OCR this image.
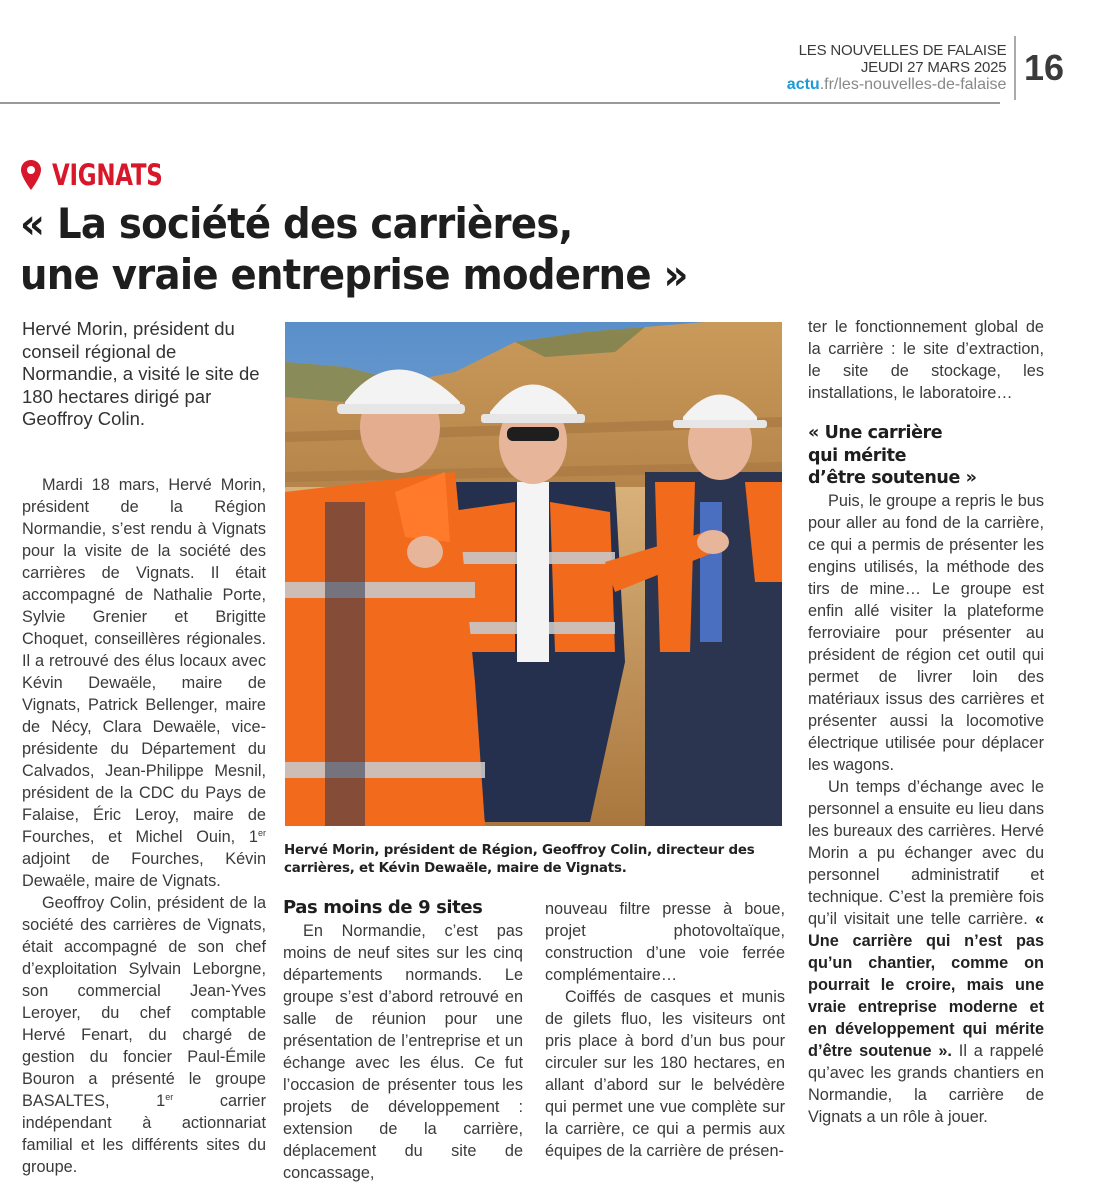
LES NOUVELLES DE FALAISE
JEUDI 27 MARS 2025
actu.fr/les-nouvelles-de-falaise 16
VIGNATS
« La société des carrières,
une vraie entreprise moderne »
Hervé Morin, président du conseil régional de Normandie, a visité le site de 180 hectares dirigé par Geoffroy Colin.

Mardi 18 mars, Hervé Morin, président de la Région Normandie, s’est rendu à Vignats pour la visite de la société des carrières de Vignats. Il était accompagné de Nathalie Porte, Sylvie Grenier et Brigitte Choquet, conseillères régionales. Il a retrouvé des élus locaux avec Kévin Dewaële, maire de Vignats, Patrick Bellenger, maire de Nécy, Clara Dewaële, vice-présidente du Département du Calvados, Jean-Philippe Mesnil, président de la CDC du Pays de Falaise, Éric Leroy, maire de Fourches, et Michel Ouin, 1er adjoint de Fourches, Kévin Dewaële, maire de Vignats.

Geoffroy Colin, président de la société des carrières de Vignats, était accompagné de son chef d’exploitation Sylvain Leborgne, son commercial Jean-Yves Leroyer, du chef comptable Hervé Fenart, du chargé de gestion du foncier Paul-Émile Bouron a présenté le groupe BASALTES, 1er carrier indépendant à actionnariat familial et les différents sites du groupe.

Hervé Morin, président de Région, Geoffroy Colin, directeur des carrières, et Kévin Dewaële, maire de Vignats.
Pas moins de 9 sites

En Normandie, c’est pas moins de neuf sites sur les cinq départements normands. Le groupe s’est d’abord retrouvé en salle de réunion pour une présentation de l’entreprise et un échange avec les élus. Ce fut l’occasion de présenter tous les projets de développement : extension de la carrière, déplacement du site de concassage,

nouveau filtre presse à boue, projet photovoltaïque, construction d’une voie ferrée complémentaire…

Coiffés de casques et munis de gilets fluo, les visiteurs ont pris place à bord d’un bus pour circuler sur les 180 hectares, en allant d’abord sur le belvédère qui permet une vue complète sur la carrière, ce qui a permis aux équipes de la carrière de présen-

ter le fonctionnement global de la carrière : le site d’extraction, le site de stockage, les installations, le laboratoire…

« Une carrière
qui mérite
d’être soutenue »

Puis, le groupe a repris le bus pour aller au fond de la carrière, ce qui a permis de présenter les engins utilisés, la méthode des tirs de mine… Le groupe est enfin allé visiter la plateforme ferroviaire pour présenter au président de région cet outil qui permet de livrer loin des matériaux issus des carrières et présenter aussi la locomotive électrique utilisée pour déplacer les wagons.

Un temps d’échange avec le personnel a ensuite eu lieu dans les bureaux des carrières. Hervé Morin a pu échanger avec du personnel administratif et technique. C’est la première fois qu’il visitait une telle carrière. « Une carrière qui n’est pas qu’un chantier, comme on pourrait le croire, mais une vraie entreprise moderne et en développement qui mérite d’être soutenue ». Il a rappelé qu’avec les grands chantiers en Normandie, la carrière de Vignats a un rôle à jouer.
